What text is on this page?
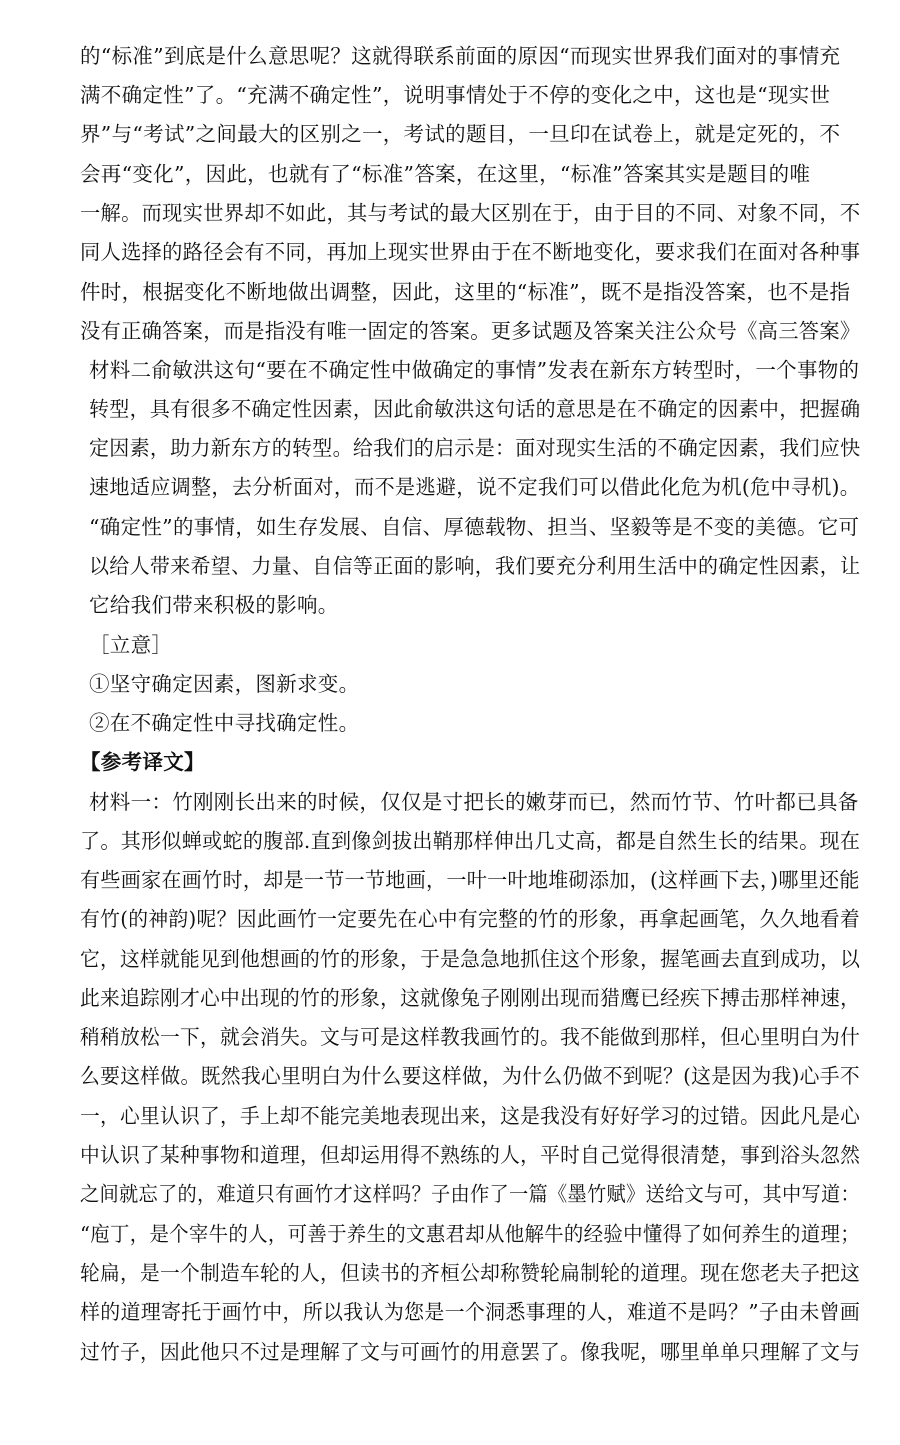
的“标准”到底是什么意思呢？这就得联系前面的原因“而现实世界我们面对的事情充
满不确定性”了。“充满不确定性”，说明事情处于不停的变化之中，这也是“现实世
界”与“考试”之间最大的区别之一，考试的题目，一旦印在试卷上，就是定死的，不
会再“变化”，因此，也就有了“标准”答案，在这里，“标准”答案其实是题目的唯
一解。而现实世界却不如此，其与考试的最大区别在于，由于目的不同、对象不同，不
同人选择的路径会有不同，再加上现实世界由于在不断地变化，要求我们在面对各种事
件时，根据变化不断地做出调整，因此，这里的“标准”，既不是指没答案，也不是指
没有正确答案，而是指没有唯一固定的答案。更多试题及答案关注公众号《高三答案》
材料二俞敏洪这句“要在不确定性中做确定的事情”发表在新东方转型时，一个事物的
转型，具有很多不确定性因素，因此俞敏洪这句话的意思是在不确定的因素中，把握确
定因素，助力新东方的转型。给我们的启示是：面对现实生活的不确定因素，我们应快
速地适应调整，去分析面对，而不是逃避，说不定我们可以借此化危为机(危中寻机)。
“确定性”的事情，如生存发展、自信、厚德载物、担当、坚毅等是不变的美德。它可
以给人带来希望、力量、自信等正面的影响，我们要充分利用生活中的确定性因素，让
它给我们带来积极的影响。
［立意］
①坚守确定因素，图新求变。
②在不确定性中寻找确定性。
【参考译文】
材料一：竹刚刚长出来的时候，仅仅是寸把长的嫩芽而已，然而竹节、竹叶都已具备
了。其形似蝉或蛇的腹部.直到像剑拔出鞘那样伸出几丈高，都是自然生长的结果。现在
有些画家在画竹时，却是一节一节地画，一叶一叶地堆砌添加，(这样画下去，)哪里还能
有竹(的神韵)呢？因此画竹一定要先在心中有完整的竹的形象，再拿起画笔，久久地看着
它，这样就能见到他想画的竹的形象，于是急急地抓住这个形象，握笔画去直到成功，以
此来追踪刚才心中出现的竹的形象，这就像兔子刚刚出现而猎鹰已经疾下搏击那样神速，
稍稍放松一下，就会消失。文与可是这样教我画竹的。我不能做到那样，但心里明白为什
么要这样做。既然我心里明白为什么要这样做，为什么仍做不到呢？(这是因为我)心手不
一，心里认识了，手上却不能完美地表现出来，这是我没有好好学习的过错。因此凡是心
中认识了某种事物和道理，但却运用得不熟练的人，平时自己觉得很清楚，事到浴头忽然
之间就忘了的，难道只有画竹才这样吗？子由作了一篇《墨竹赋》送给文与可，其中写道：
“庖丁，是个宰牛的人，可善于养生的文惠君却从他解牛的经验中懂得了如何养生的道理；
轮扁，是一个制造车轮的人，但读书的齐桓公却称赞轮扁制轮的道理。现在您老夫子把这
样的道理寄托于画竹中，所以我认为您是一个洞悉事理的人，难道不是吗？”子由未曾画
过竹子，因此他只不过是理解了文与可画竹的用意罢了。像我呢，哪里单单只理解了文与
